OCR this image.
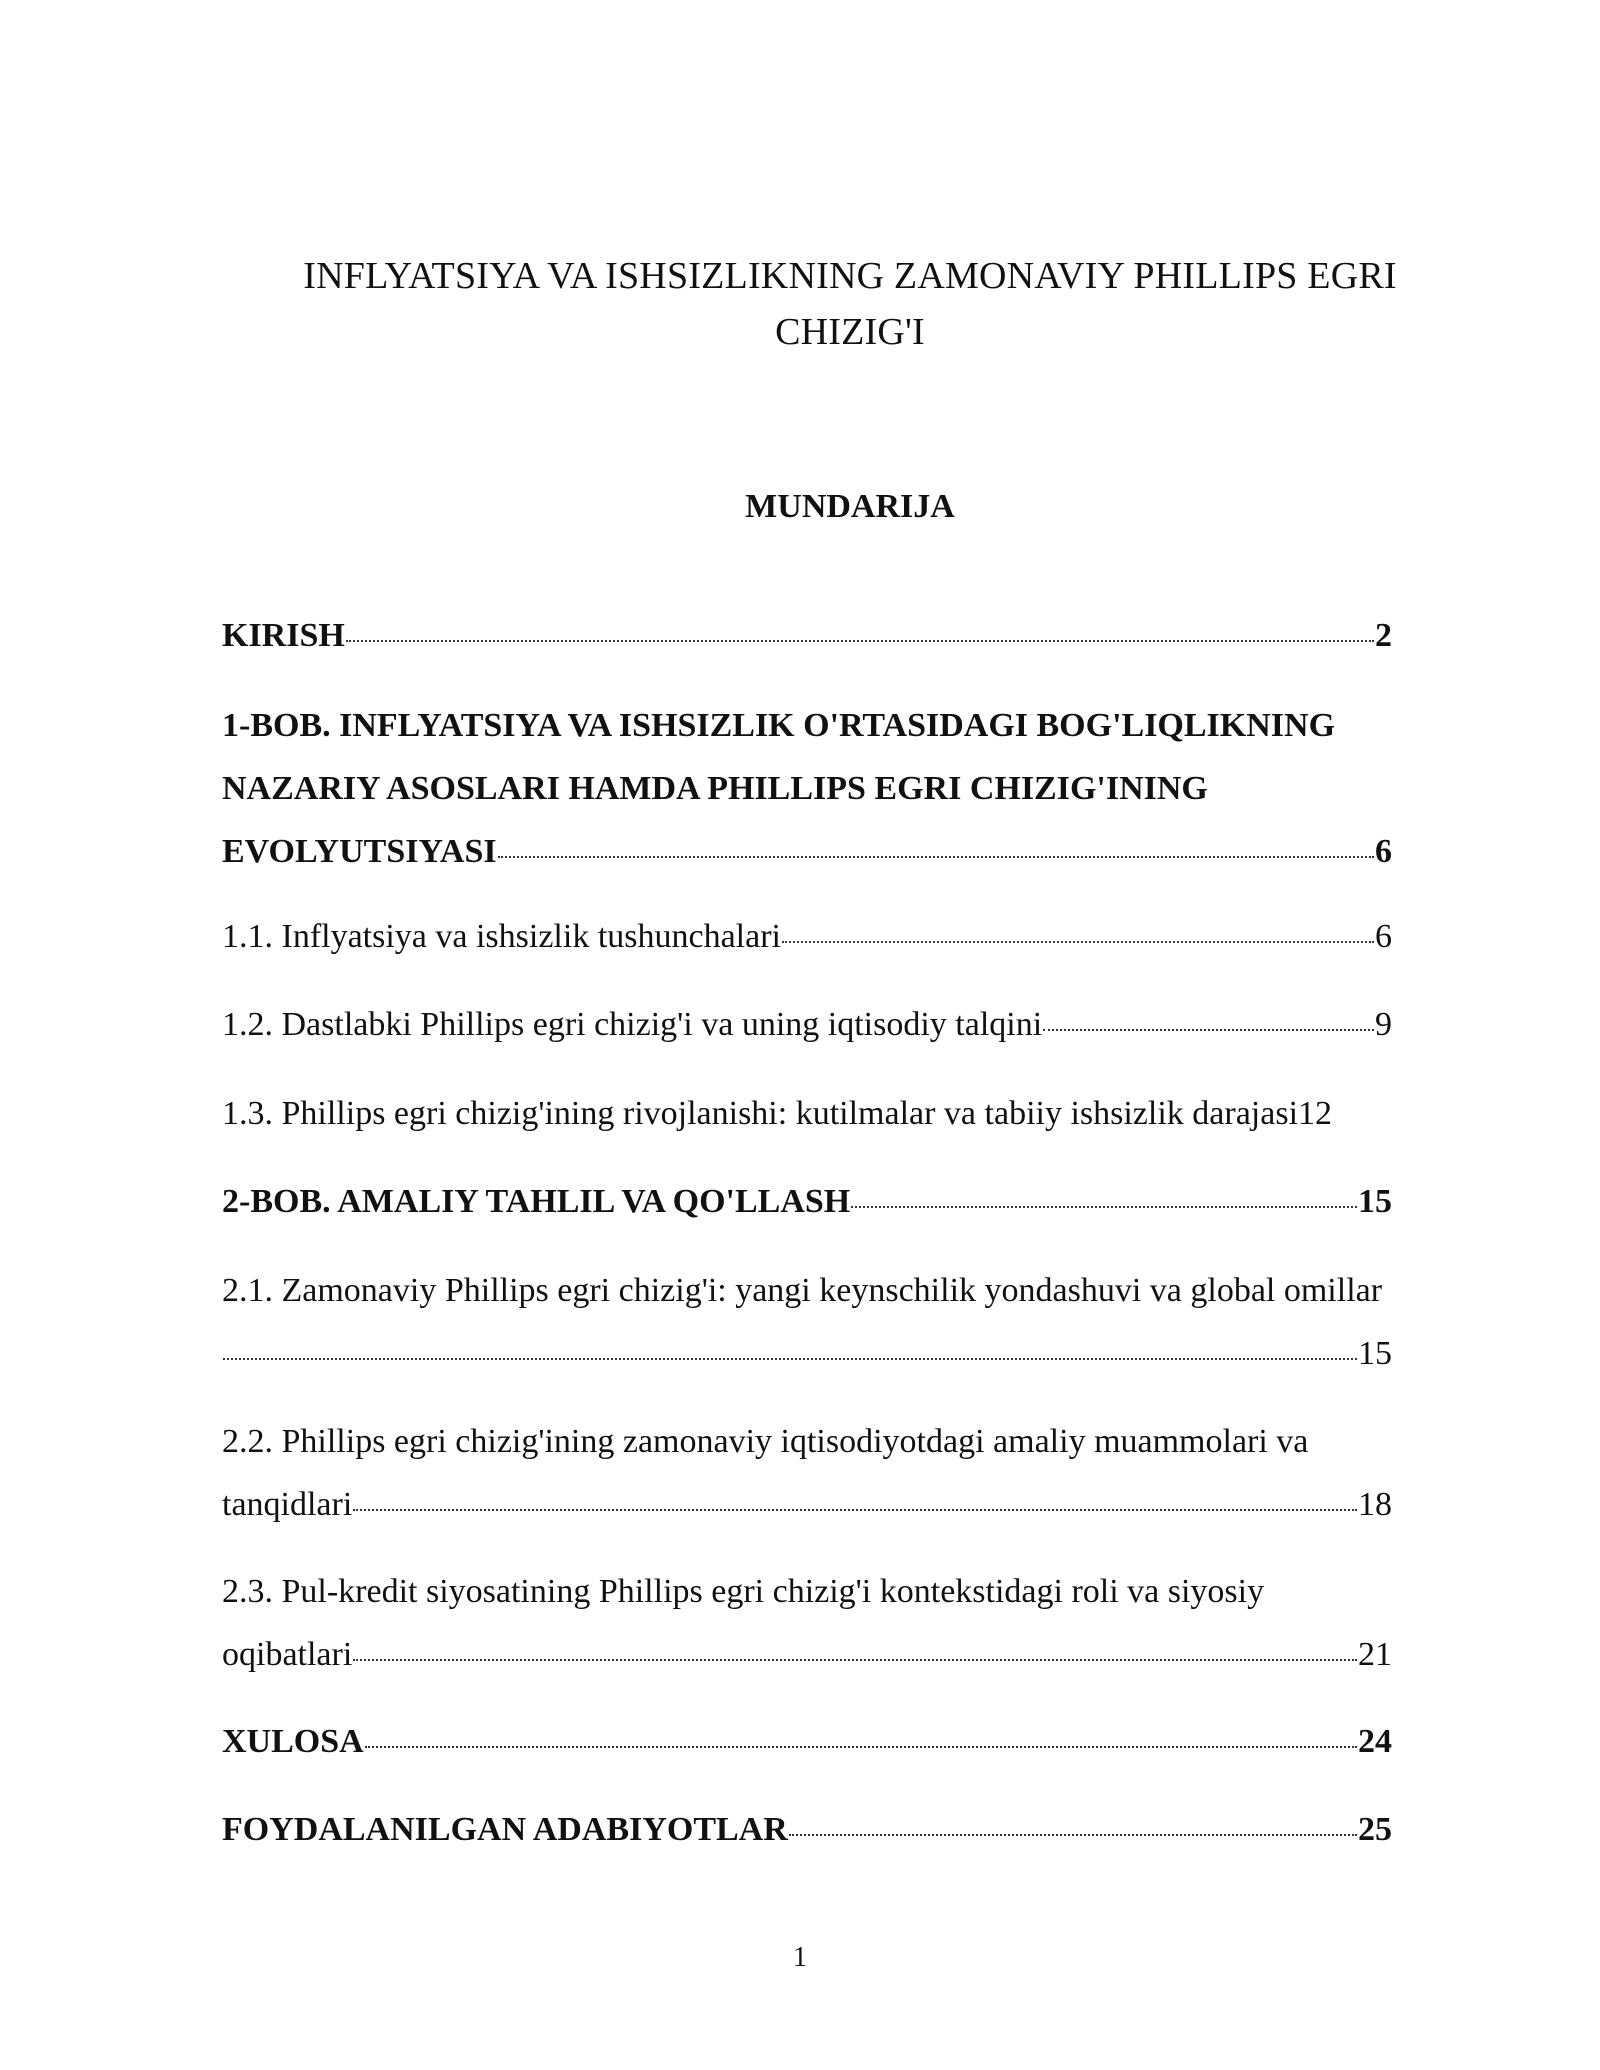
INFLYATSIYA VA ISHSIZLIKNING ZAMONAVIY PHILLIPS EGRI
CHIZIG'I
MUNDARIJA
KIRISH	2
1-BOB. INFLYATSIYA VA ISHSIZLIK O'RTASIDAGI BOG'LIQLIKNING
NAZARIY ASOSLARI HAMDA PHILLIPS EGRI CHIZIG'INING
EVOLYUTSIYASI	6
1.1. Inflyatsiya va ishsizlik tushunchalari	6
1.2. Dastlabki Phillips egri chizig'i va uning iqtisodiy talqini	9
1.3. Phillips egri chizig'ining rivojlanishi: kutilmalar va tabiiy ishsizlik darajasi 12
2-BOB. AMALIY TAHLIL VA QO'LLASH	15
2.1. Zamonaviy Phillips egri chizig'i: yangi keynschilik yondashuvi va global omillar
15
2.2. Phillips egri chizig'ining zamonaviy iqtisodiyotdagi amaliy muammolari va
tanqidlari	18
2.3. Pul-kredit siyosatining Phillips egri chizig'i kontekstidagi roli va siyosiy
oqibatlari	21
XULOSA	24
FOYDALANILGAN ADABIYOTLAR	25
1
